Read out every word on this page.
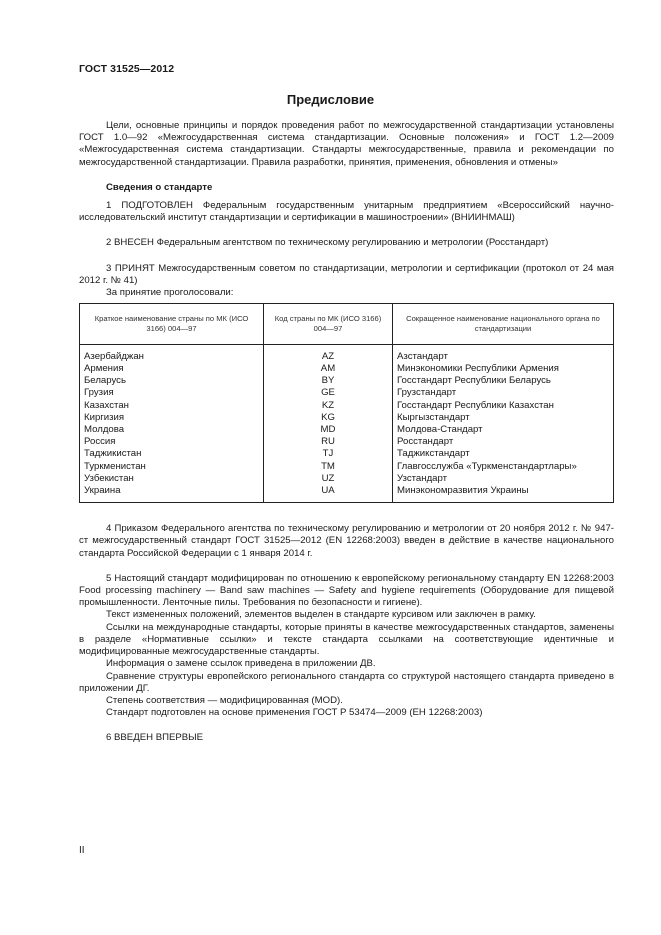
ГОСТ 31525—2012
Предисловие

Цели, основные принципы и порядок проведения работ по межгосударственной стандартизации установлены ГОСТ 1.0—92 «Межгосударственная система стандартизации. Основные положения» и ГОСТ 1.2—2009 «Межгосударственная система стандартизации. Стандарты межгосударственные, правила и рекомендации по межгосударственной стандартизации. Правила разработки, принятия, применения, обновления и отмены»

Сведения о стандарте

1 ПОДГОТОВЛЕН Федеральным государственным унитарным предприятием «Всероссийский научно-исследовательский институт стандартизации и сертификации в машиностроении» (ВНИИНМАШ)

2 ВНЕСЕН Федеральным агентством по техническому регулированию и метрологии (Росстандарт)

3 ПРИНЯТ Межгосударственным советом по стандартизации, метрологии и сертификации (протокол от 24 мая 2012 г. № 41)

За принятие проголосовали:

Краткое наименование страны по МК (ИСО 3166) 004—97	Код страны по МК (ИСО 3166) 004—97	Сокращенное наименование национального органа по стандартизации
Азербайджан	AZ	Азстандарт
Армения	AM	Минэкономики Республики Армения
Беларусь	BY	Госстандарт Республики Беларусь
Грузия	GE	Грузстандарт
Казахстан	KZ	Госстандарт Республики Казахстан
Киргизия	KG	Кыргызстандарт
Молдова	MD	Молдова-Стандарт
Россия	RU	Росстандарт
Таджикистан	TJ	Таджикстандарт
Туркменистан	TM	Главгосслужба «Туркменстандартлары»
Узбекистан	UZ	Узстандарт
Украина	UA	Минэкономразвития Украины

4 Приказом Федерального агентства по техническому регулированию и метрологии от 20 ноября 2012 г. № 947-ст межгосударственный стандарт ГОСТ 31525—2012 (EN 12268:2003) введен в действие в качестве национального стандарта Российской Федерации с 1 января 2014 г.

5 Настоящий стандарт модифицирован по отношению к европейскому региональному стандарту EN 12268:2003 Food processing machinery — Band saw machines — Safety and hygiene requirements (Оборудование для пищевой промышленности. Ленточные пилы. Требования по безопасности и гигиене).

Текст измененных положений, элементов выделен в стандарте курсивом или заключен в рамку.

Ссылки на международные стандарты, которые приняты в качестве межгосударственных стандартов, заменены в разделе «Нормативные ссылки» и тексте стандарта ссылками на соответствующие идентичные и модифицированные межгосударственные стандарты.

Информация о замене ссылок приведена в приложении ДВ.

Сравнение структуры европейского регионального стандарта со структурой настоящего стандарта приведено в приложении ДГ.

Степень соответствия — модифицированная (MOD).

Стандарт подготовлен на основе применения ГОСТ Р 53474—2009 (ЕН 12268:2003)

6 ВВЕДЕН ВПЕРВЫЕ

II
